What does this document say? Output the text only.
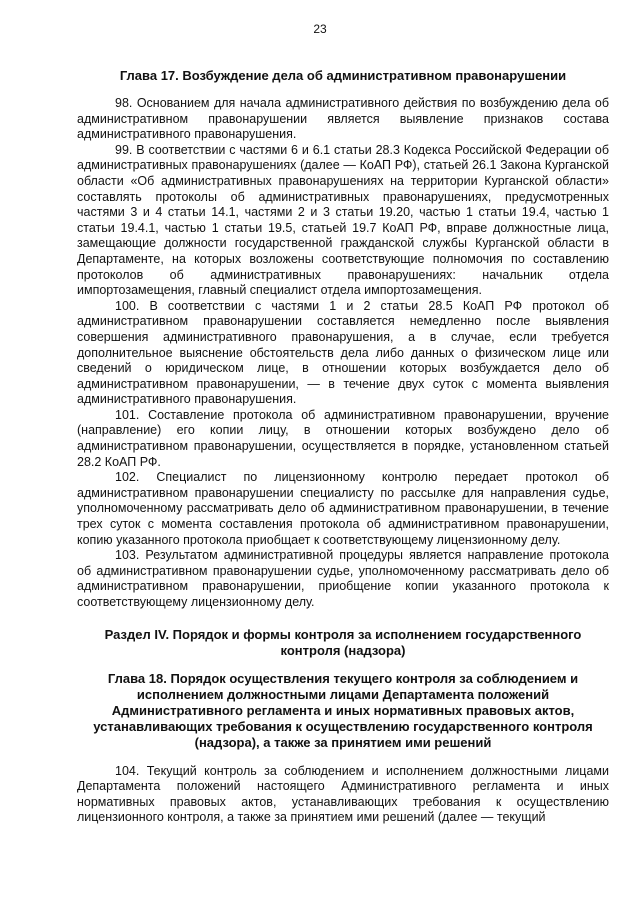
23
Глава 17. Возбуждение дела об административном правонарушении

98. Основанием для начала административного действия по возбуждению дела об административном правонарушении является выявление признаков состава административного правонарушения.

99. В соответствии с частями 6 и 6.1 статьи 28.3 Кодекса Российской Федерации об административных правонарушениях (далее — КоАП РФ), статьей 26.1 Закона Курганской области «Об административных правонарушениях на территории Курганской области» составлять протоколы об административных правонарушениях, предусмотренных частями 3 и 4 статьи 14.1, частями 2 и 3 статьи 19.20, частью 1 статьи 19.4, частью 1 статьи 19.4.1, частью 1 статьи 19.5, статьей 19.7 КоАП РФ, вправе должностные лица, замещающие должности государственной гражданской службы Курганской области в Департаменте, на которых возложены соответствующие полномочия по составлению протоколов об административных правонарушениях: начальник отдела импортозамещения, главный специалист отдела импортозамещения.

100. В соответствии с частями 1 и 2 статьи 28.5 КоАП РФ протокол об административном правонарушении составляется немедленно после выявления совершения административного правонарушения, а в случае, если требуется дополнительное выяснение обстоятельств дела либо данных о физическом лице или сведений о юридическом лице, в отношении которых возбуждается дело об административном правонарушении, — в течение двух суток с момента выявления административного правонарушения.

101. Составление протокола об административном правонарушении, вручение (направление) его копии лицу, в отношении которых возбуждено дело об административном правонарушении, осуществляется в порядке, установленном статьей 28.2 КоАП РФ.

102. Специалист по лицензионному контролю передает протокол об административном правонарушении специалисту по рассылке для направления судье, уполномоченному рассматривать дело об административном правонарушении, в течение трех суток с момента составления протокола об административном правонарушении, копию указанного протокола приобщает к соответствующему лицензионному делу.

103. Результатом административной процедуры является направление протокола об административном правонарушении судье, уполномоченному рассматривать дело об административном правонарушении, приобщение копии указанного протокола к соответствующему лицензионному делу.

Раздел IV. Порядок и формы контроля за исполнением государственного контроля (надзора)
Глава 18. Порядок осуществления текущего контроля за соблюдением и исполнением должностными лицами Департамента положений Административного регламента и иных нормативных правовых актов, устанавливающих требования к осуществлению государственного контроля (надзора), а также за принятием ими решений

104. Текущий контроль за соблюдением и исполнением должностными лицами Департамента положений настоящего Административного регламента и иных нормативных правовых актов, устанавливающих требования к осуществлению лицензионного контроля, а также за принятием ими решений (далее — текущий
